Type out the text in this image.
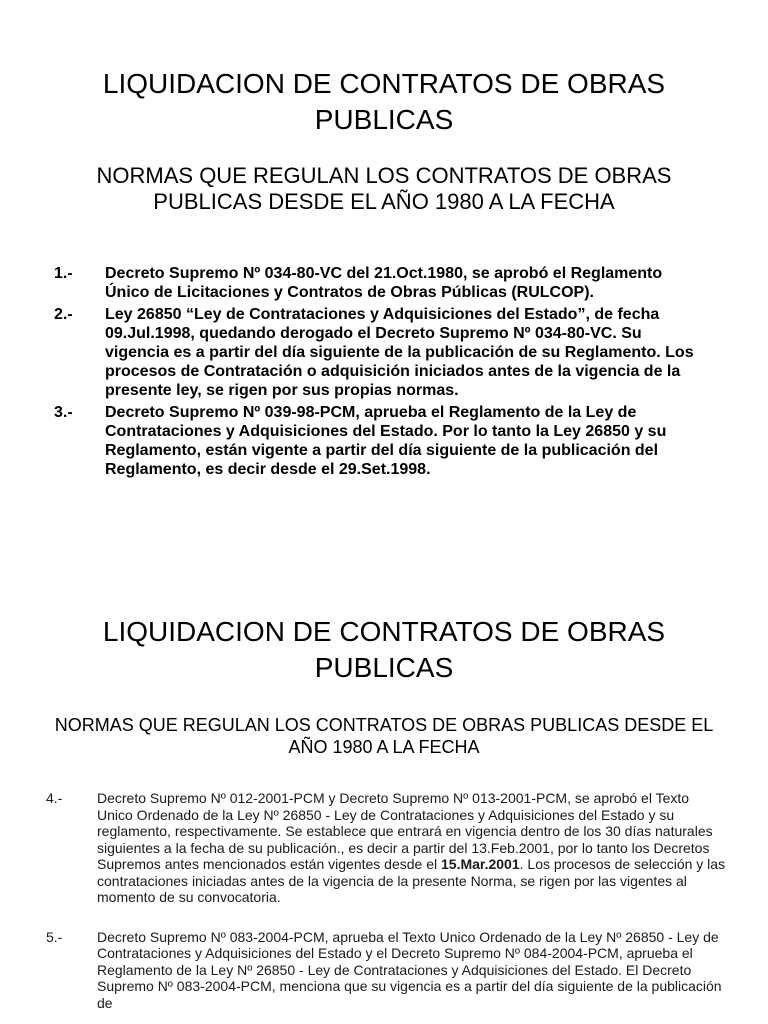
LIQUIDACION DE CONTRATOS DE OBRAS PUBLICAS
NORMAS QUE REGULAN LOS CONTRATOS DE OBRAS PUBLICAS DESDE EL AÑO 1980 A LA FECHA
1.- Decreto Supremo Nº 034-80-VC del 21.Oct.1980, se aprobó el Reglamento Único de Licitaciones y Contratos de Obras Públicas (RULCOP).
2.- Ley 26850 “Ley de Contrataciones y Adquisiciones del Estado”, de fecha 09.Jul.1998, quedando derogado el Decreto Supremo Nº 034-80-VC. Su vigencia es a partir del día siguiente de la publicación de su Reglamento. Los procesos de Contratación o adquisición iniciados antes de la vigencia de la presente ley, se rigen por sus propias normas.
3.- Decreto Supremo Nº 039-98-PCM, aprueba el Reglamento de la Ley de Contrataciones y Adquisiciones del Estado. Por lo tanto la Ley 26850 y su Reglamento, están vigente a partir del día siguiente de la publicación del Reglamento, es decir desde el 29.Set.1998.
LIQUIDACION DE CONTRATOS DE OBRAS PUBLICAS
NORMAS QUE REGULAN LOS CONTRATOS DE OBRAS PUBLICAS DESDE EL AÑO 1980 A LA FECHA
4.- Decreto Supremo Nº 012-2001-PCM y Decreto Supremo Nº 013-2001-PCM, se aprobó el Texto Unico Ordenado de la Ley Nº 26850 - Ley de Contrataciones y Adquisiciones del Estado y su reglamento, respectivamente. Se establece que entrará en vigencia dentro de los 30 días naturales siguientes a la fecha de su publicación., es decir a partir del 13.Feb.2001, por lo tanto los Decretos Supremos antes mencionados están vigentes desde el 15.Mar.2001. Los procesos de selección y las contrataciones iniciadas antes de la vigencia de la presente Norma, se rigen por las vigentes al momento de su convocatoria.
5.- Decreto Supremo Nº 083-2004-PCM, aprueba el Texto Unico Ordenado de la Ley Nº 26850 - Ley de Contrataciones y Adquisiciones del Estado y el Decreto Supremo Nº 084-2004-PCM, aprueba el Reglamento de la Ley Nº 26850 - Ley de Contrataciones y Adquisiciones del Estado. El Decreto Supremo Nº 083-2004-PCM, menciona que su vigencia es a partir del día siguiente de la publicación de
